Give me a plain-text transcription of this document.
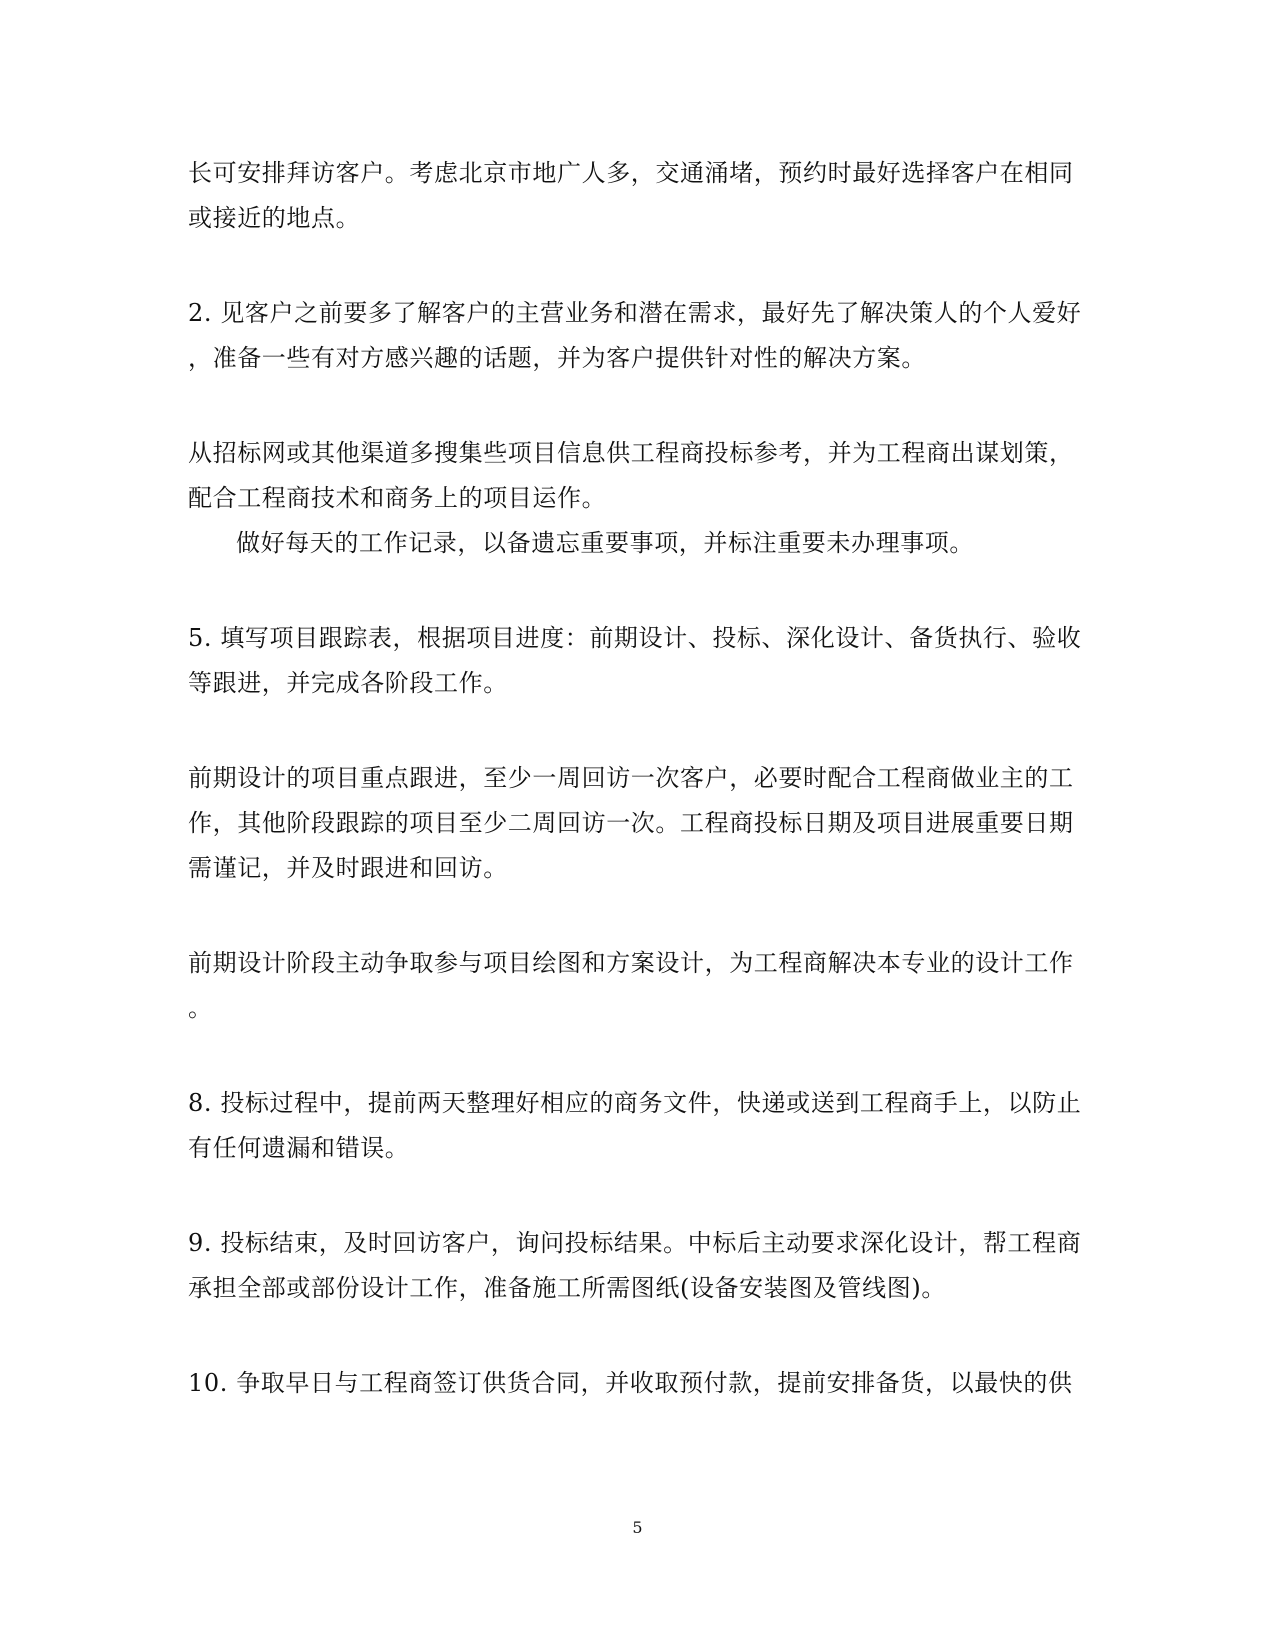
长可安排拜访客户。考虑北京市地广人多，交通涌堵，预约时最好选择客户在相同
或接近的地点。
2. 见客户之前要多了解客户的主营业务和潜在需求，最好先了解决策人的个人爱好
，准备一些有对方感兴趣的话题，并为客户提供针对性的解决方案。
从招标网或其他渠道多搜集些项目信息供工程商投标参考，并为工程商出谋划策，
配合工程商技术和商务上的项目运作。
做好每天的工作记录，以备遗忘重要事项，并标注重要未办理事项。
5. 填写项目跟踪表，根据项目进度：前期设计、投标、深化设计、备货执行、验收
等跟进，并完成各阶段工作。
前期设计的项目重点跟进，至少一周回访一次客户，必要时配合工程商做业主的工
作，其他阶段跟踪的项目至少二周回访一次。工程商投标日期及项目进展重要日期
需谨记，并及时跟进和回访。
前期设计阶段主动争取参与项目绘图和方案设计，为工程商解决本专业的设计工作
。
8. 投标过程中，提前两天整理好相应的商务文件，快递或送到工程商手上，以防止
有任何遗漏和错误。
9. 投标结束，及时回访客户，询问投标结果。中标后主动要求深化设计，帮工程商
承担全部或部份设计工作，准备施工所需图纸(设备安装图及管线图)。
10. 争取早日与工程商签订供货合同，并收取预付款，提前安排备货，以最快的供
5
